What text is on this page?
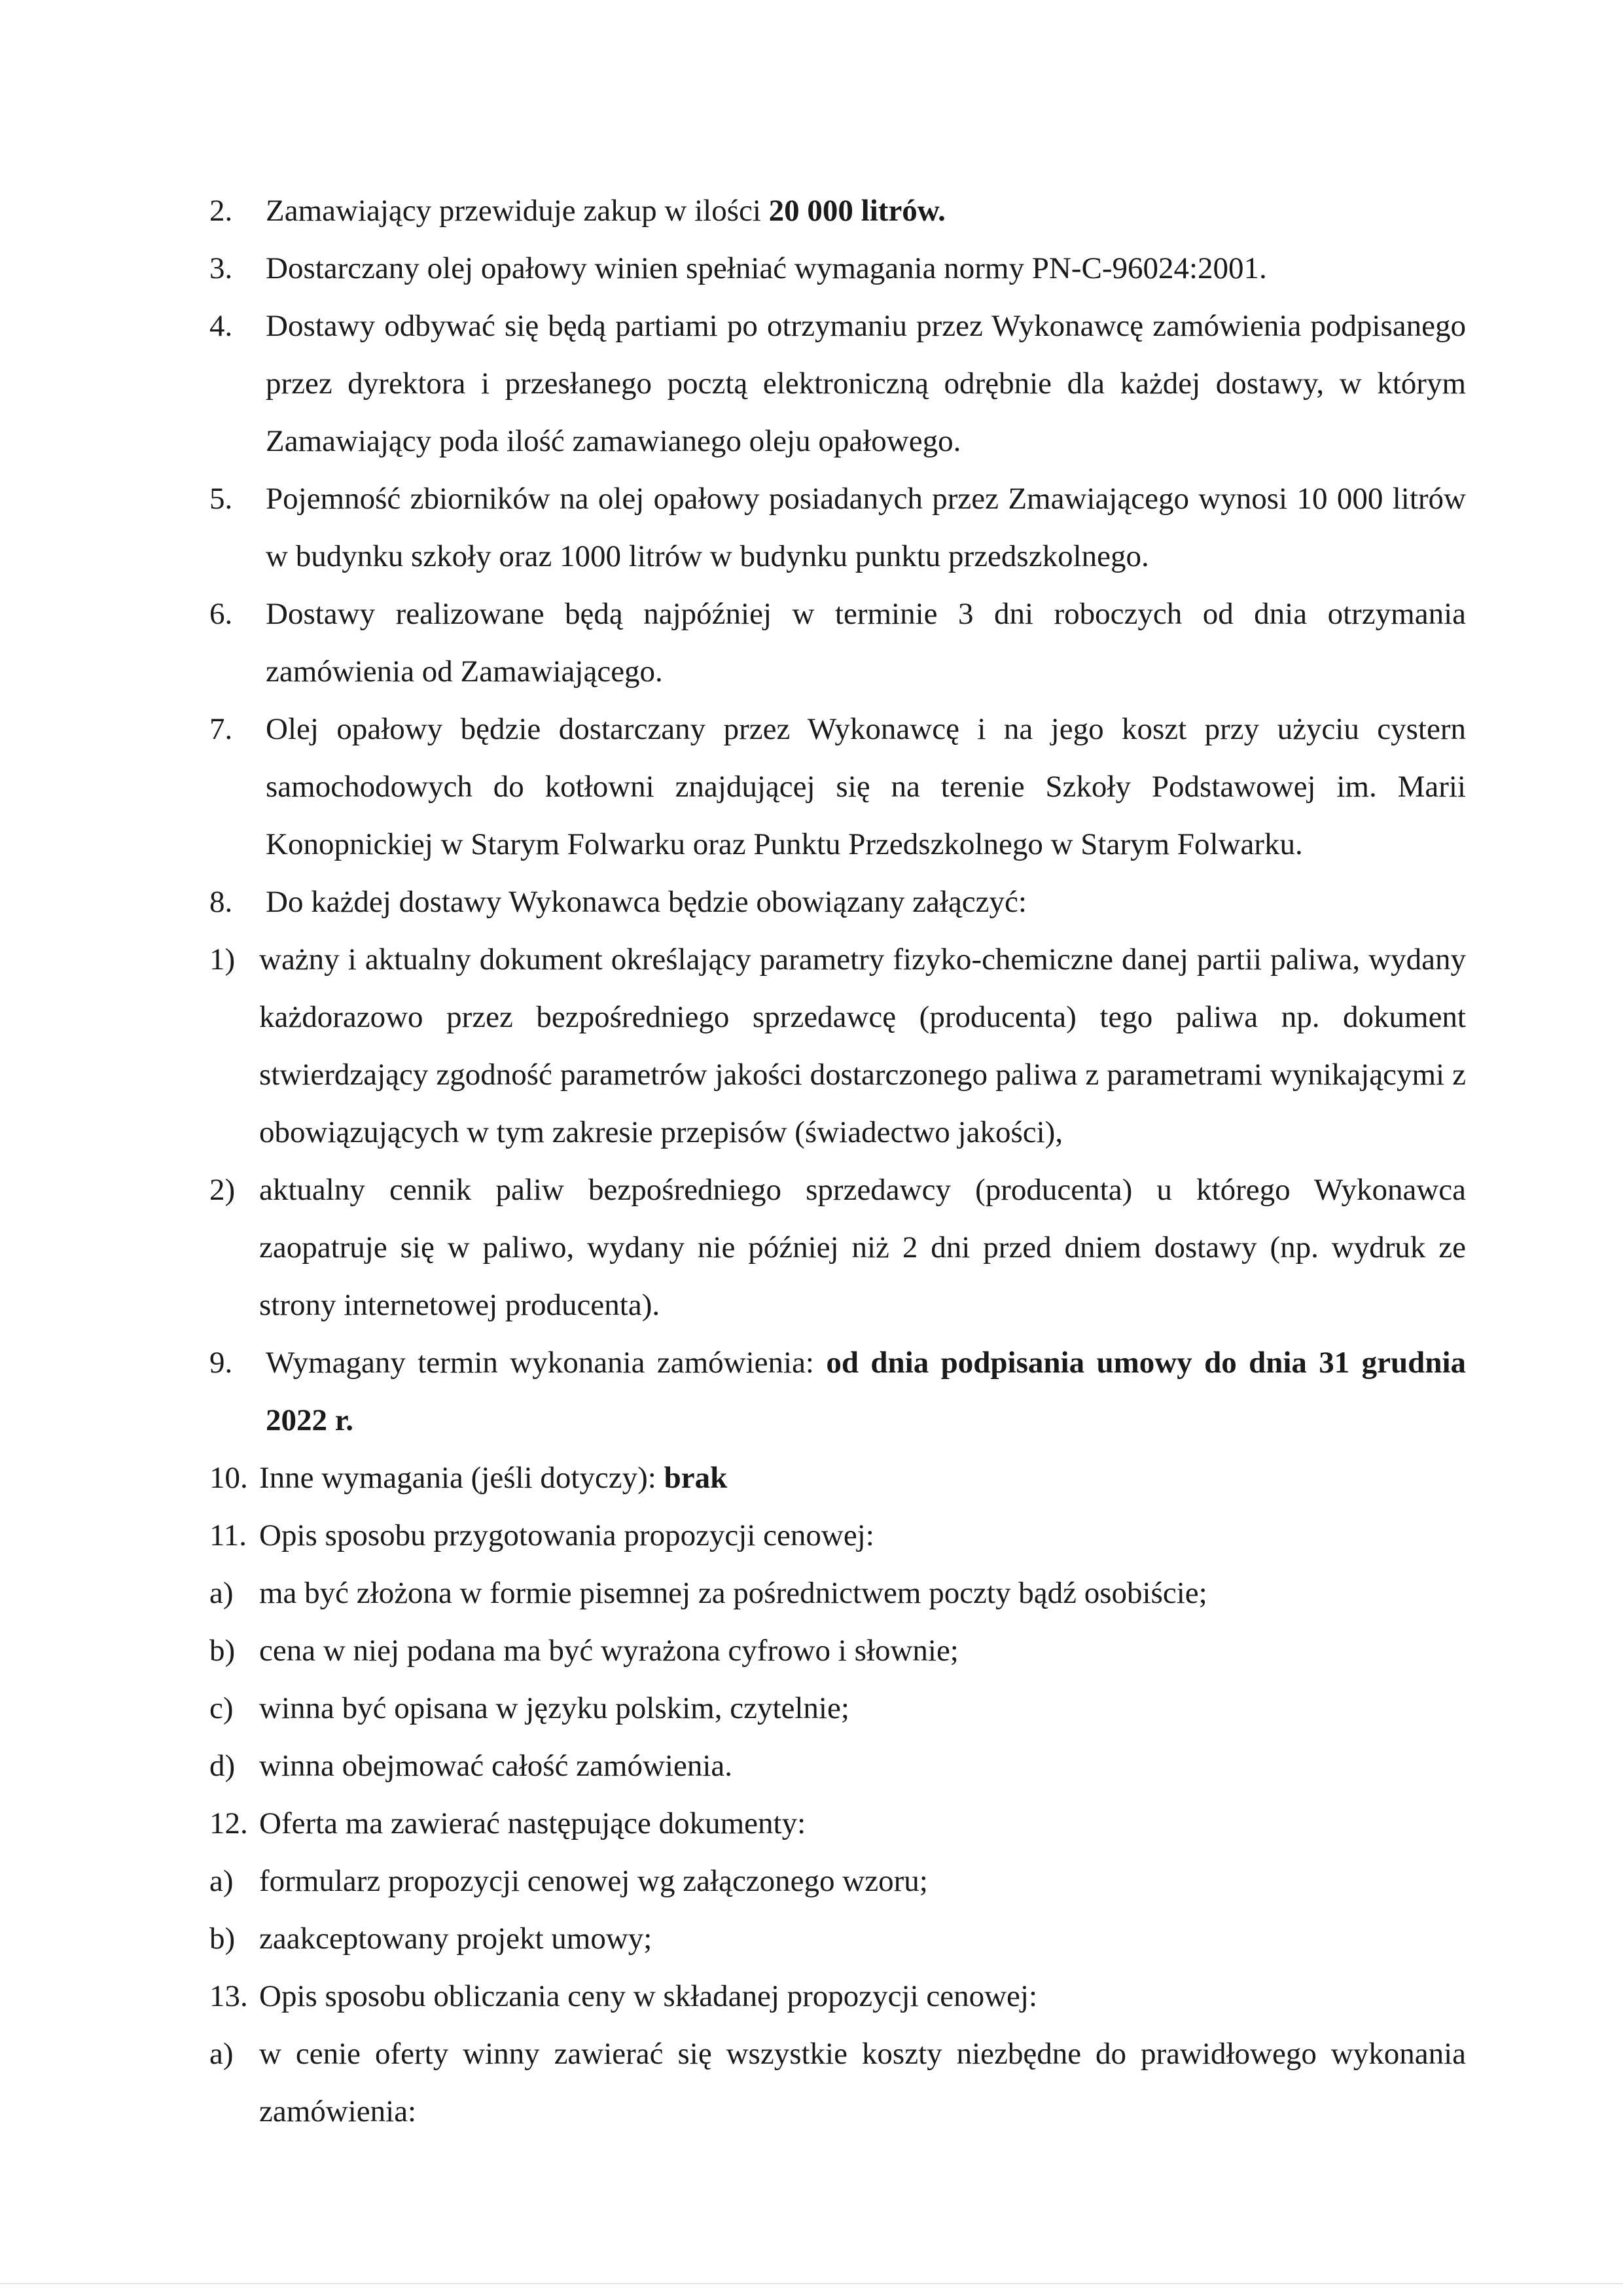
2. Zamawiający przewiduje zakup w ilości 20 000 litrów.
3. Dostarczany olej opałowy winien spełniać wymagania normy PN-C-96024:2001.
4. Dostawy odbywać się będą partiami po otrzymaniu przez Wykonawcę zamówienia podpisanego przez dyrektora i przesłanego pocztą elektroniczną odrębnie dla każdej dostawy, w którym Zamawiający poda ilość zamawianego oleju opałowego.
5. Pojemność zbiorników na olej opałowy posiadanych przez Zmawiającego wynosi 10 000 litrów w budynku szkoły oraz 1000 litrów w budynku punktu przedszkolnego.
6. Dostawy realizowane będą najpóźniej w terminie 3 dni roboczych od dnia otrzymania zamówienia od Zamawiającego.
7. Olej opałowy będzie dostarczany przez Wykonawcę i na jego koszt przy użyciu cystern samochodowych do kotłowni znajdującej się na terenie Szkoły Podstawowej im. Marii Konopnickiej w Starym Folwarku oraz Punktu Przedszkolnego w Starym Folwarku.
8. Do każdej dostawy Wykonawca będzie obowiązany załączyć:
1) ważny i aktualny dokument określający parametry fizyko-chemiczne danej partii paliwa, wydany każdorazowo przez bezpośredniego sprzedawcę (producenta) tego paliwa np. dokument stwierdzający zgodność parametrów jakości dostarczonego paliwa z parametrami wynikającymi z obowiązujących w tym zakresie przepisów (świadectwo jakości),
2) aktualny cennik paliw bezpośredniego sprzedawcy (producenta) u którego Wykonawca zaopatruje się w paliwo, wydany nie później niż 2 dni przed dniem dostawy (np. wydruk ze strony internetowej producenta).
9. Wymagany termin wykonania zamówienia: od dnia podpisania umowy do dnia 31 grudnia 2022 r.
10. Inne wymagania (jeśli dotyczy): brak
11. Opis sposobu przygotowania propozycji cenowej:
a) ma być złożona w formie pisemnej za pośrednictwem poczty bądź osobiście;
b) cena w niej podana ma być wyrażona cyfrowo i słownie;
c) winna być opisana w języku polskim, czytelnie;
d) winna obejmować całość zamówienia.
12. Oferta ma zawierać następujące dokumenty:
a) formularz propozycji cenowej wg załączonego wzoru;
b) zaakceptowany projekt umowy;
13. Opis sposobu obliczania ceny w składanej propozycji cenowej:
a) w cenie oferty winny zawierać się wszystkie koszty niezbędne do prawidłowego wykonania zamówienia:
